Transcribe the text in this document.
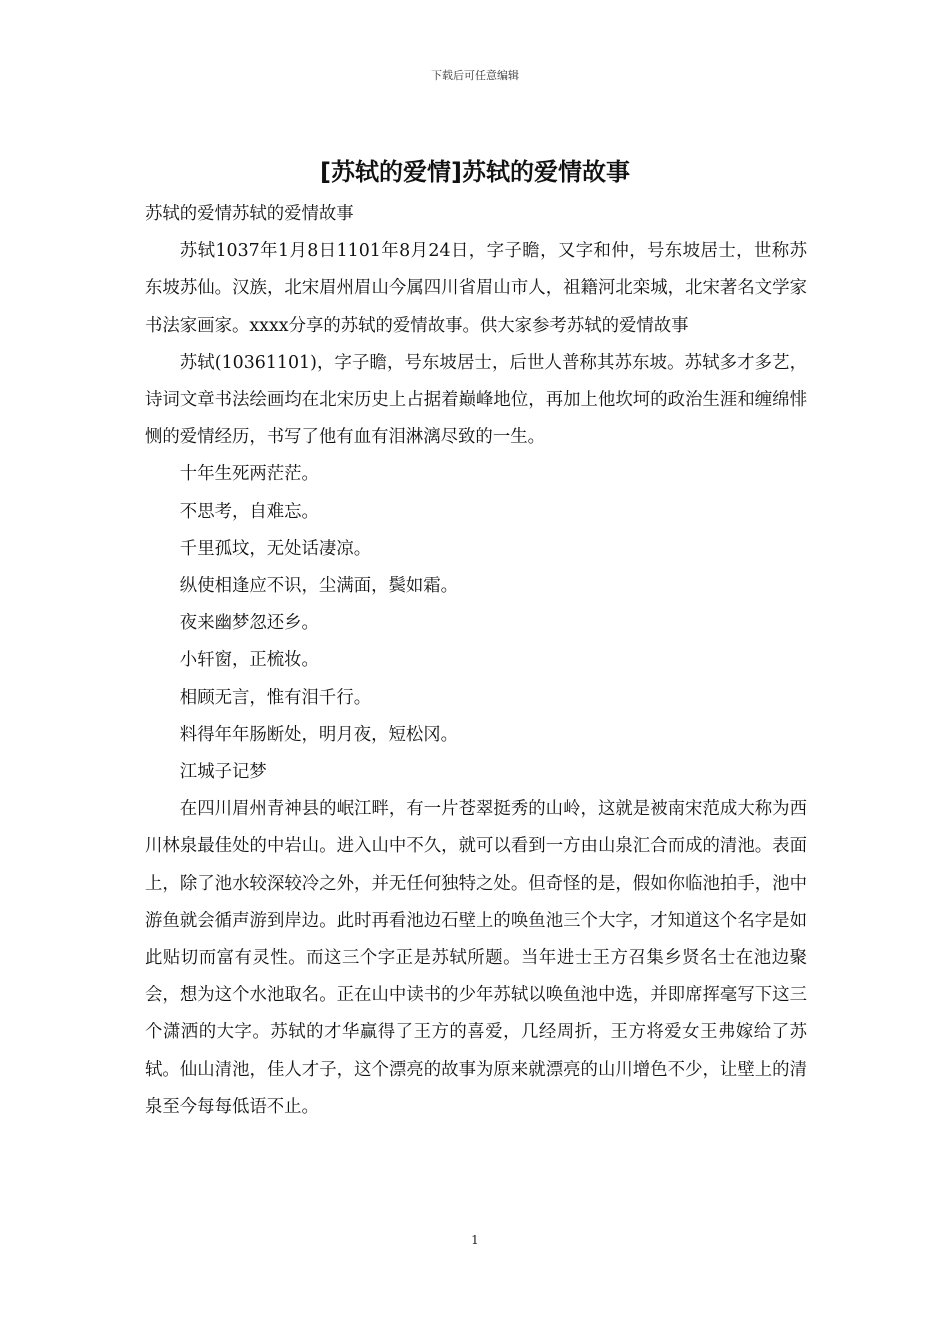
下载后可任意编辑
[苏轼的爱情]苏轼的爱情故事

苏轼的爱情苏轼的爱情故事

苏轼1037年1月8日1101年8月24日，字子瞻，又字和仲，号东坡居士，世称苏东坡苏仙。汉族，北宋眉州眉山今属四川省眉山市人，祖籍河北栾城，北宋著名文学家书法家画家。xxxx分享的苏轼的爱情故事。供大家参考苏轼的爱情故事

苏轼(10361101)，字子瞻，号东坡居士，后世人普称其苏东坡。苏轼多才多艺，诗词文章书法绘画均在北宋历史上占据着巅峰地位，再加上他坎坷的政治生涯和缠绵悱恻的爱情经历，书写了他有血有泪淋漓尽致的一生。

十年生死两茫茫。

不思考，自难忘。

千里孤坟，无处话凄凉。

纵使相逢应不识，尘满面，鬓如霜。

夜来幽梦忽还乡。

小轩窗，正梳妆。

相顾无言，惟有泪千行。

料得年年肠断处，明月夜，短松冈。

江城子记梦

在四川眉州青神县的岷江畔，有一片苍翠挺秀的山岭，这就是被南宋范成大称为西川林泉最佳处的中岩山。进入山中不久，就可以看到一方由山泉汇合而成的清池。表面上，除了池水较深较冷之外，并无任何独特之处。但奇怪的是，假如你临池拍手，池中游鱼就会循声游到岸边。此时再看池边石壁上的唤鱼池三个大字，才知道这个名字是如此贴切而富有灵性。而这三个字正是苏轼所题。当年进士王方召集乡贤名士在池边聚会，想为这个水池取名。正在山中读书的少年苏轼以唤鱼池中选，并即席挥毫写下这三个潇洒的大字。苏轼的才华赢得了王方的喜爱，几经周折，王方将爱女王弗嫁给了苏轼。仙山清池，佳人才子，这个漂亮的故事为原来就漂亮的山川增色不少，让壁上的清泉至今每每低语不止。

1
